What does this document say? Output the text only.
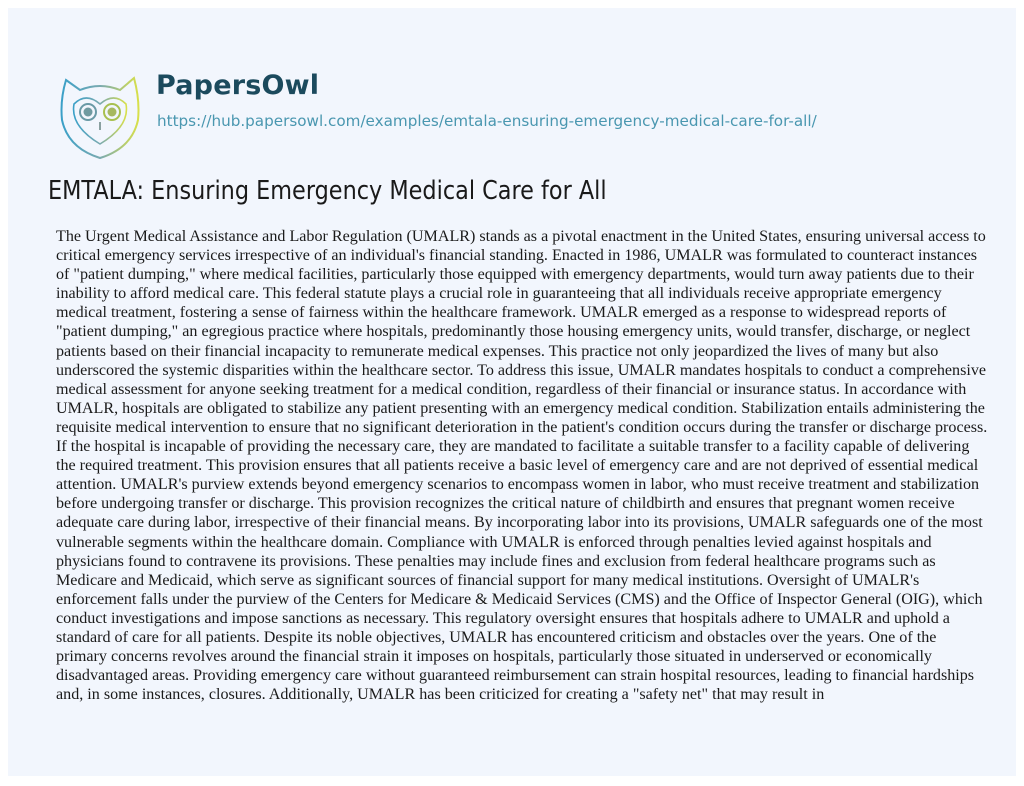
PapersOwl
https://hub.papersowl.com/examples/emtala-ensuring-emergency-medical-care-for-all/
EMTALA: Ensuring Emergency Medical Care for All
The Urgent Medical Assistance and Labor Regulation (UMALR) stands as a pivotal enactment in the United States, ensuring universal access to
critical emergency services irrespective of an individual's financial standing. Enacted in 1986, UMALR was formulated to counteract instances
of "patient dumping," where medical facilities, particularly those equipped with emergency departments, would turn away patients due to their
inability to afford medical care. This federal statute plays a crucial role in guaranteeing that all individuals receive appropriate emergency
medical treatment, fostering a sense of fairness within the healthcare framework. UMALR emerged as a response to widespread reports of
"patient dumping," an egregious practice where hospitals, predominantly those housing emergency units, would transfer, discharge, or neglect
patients based on their financial incapacity to remunerate medical expenses. This practice not only jeopardized the lives of many but also
underscored the systemic disparities within the healthcare sector. To address this issue, UMALR mandates hospitals to conduct a comprehensive
medical assessment for anyone seeking treatment for a medical condition, regardless of their financial or insurance status. In accordance with
UMALR, hospitals are obligated to stabilize any patient presenting with an emergency medical condition. Stabilization entails administering the
requisite medical intervention to ensure that no significant deterioration in the patient's condition occurs during the transfer or discharge process.
If the hospital is incapable of providing the necessary care, they are mandated to facilitate a suitable transfer to a facility capable of delivering
the required treatment. This provision ensures that all patients receive a basic level of emergency care and are not deprived of essential medical
attention. UMALR's purview extends beyond emergency scenarios to encompass women in labor, who must receive treatment and stabilization
before undergoing transfer or discharge. This provision recognizes the critical nature of childbirth and ensures that pregnant women receive
adequate care during labor, irrespective of their financial means. By incorporating labor into its provisions, UMALR safeguards one of the most
vulnerable segments within the healthcare domain. Compliance with UMALR is enforced through penalties levied against hospitals and
physicians found to contravene its provisions. These penalties may include fines and exclusion from federal healthcare programs such as
Medicare and Medicaid, which serve as significant sources of financial support for many medical institutions. Oversight of UMALR's
enforcement falls under the purview of the Centers for Medicare & Medicaid Services (CMS) and the Office of Inspector General (OIG), which
conduct investigations and impose sanctions as necessary. This regulatory oversight ensures that hospitals adhere to UMALR and uphold a
standard of care for all patients. Despite its noble objectives, UMALR has encountered criticism and obstacles over the years. One of the
primary concerns revolves around the financial strain it imposes on hospitals, particularly those situated in underserved or economically
disadvantaged areas. Providing emergency care without guaranteed reimbursement can strain hospital resources, leading to financial hardships
and, in some instances, closures. Additionally, UMALR has been criticized for creating a "safety net" that may result in
